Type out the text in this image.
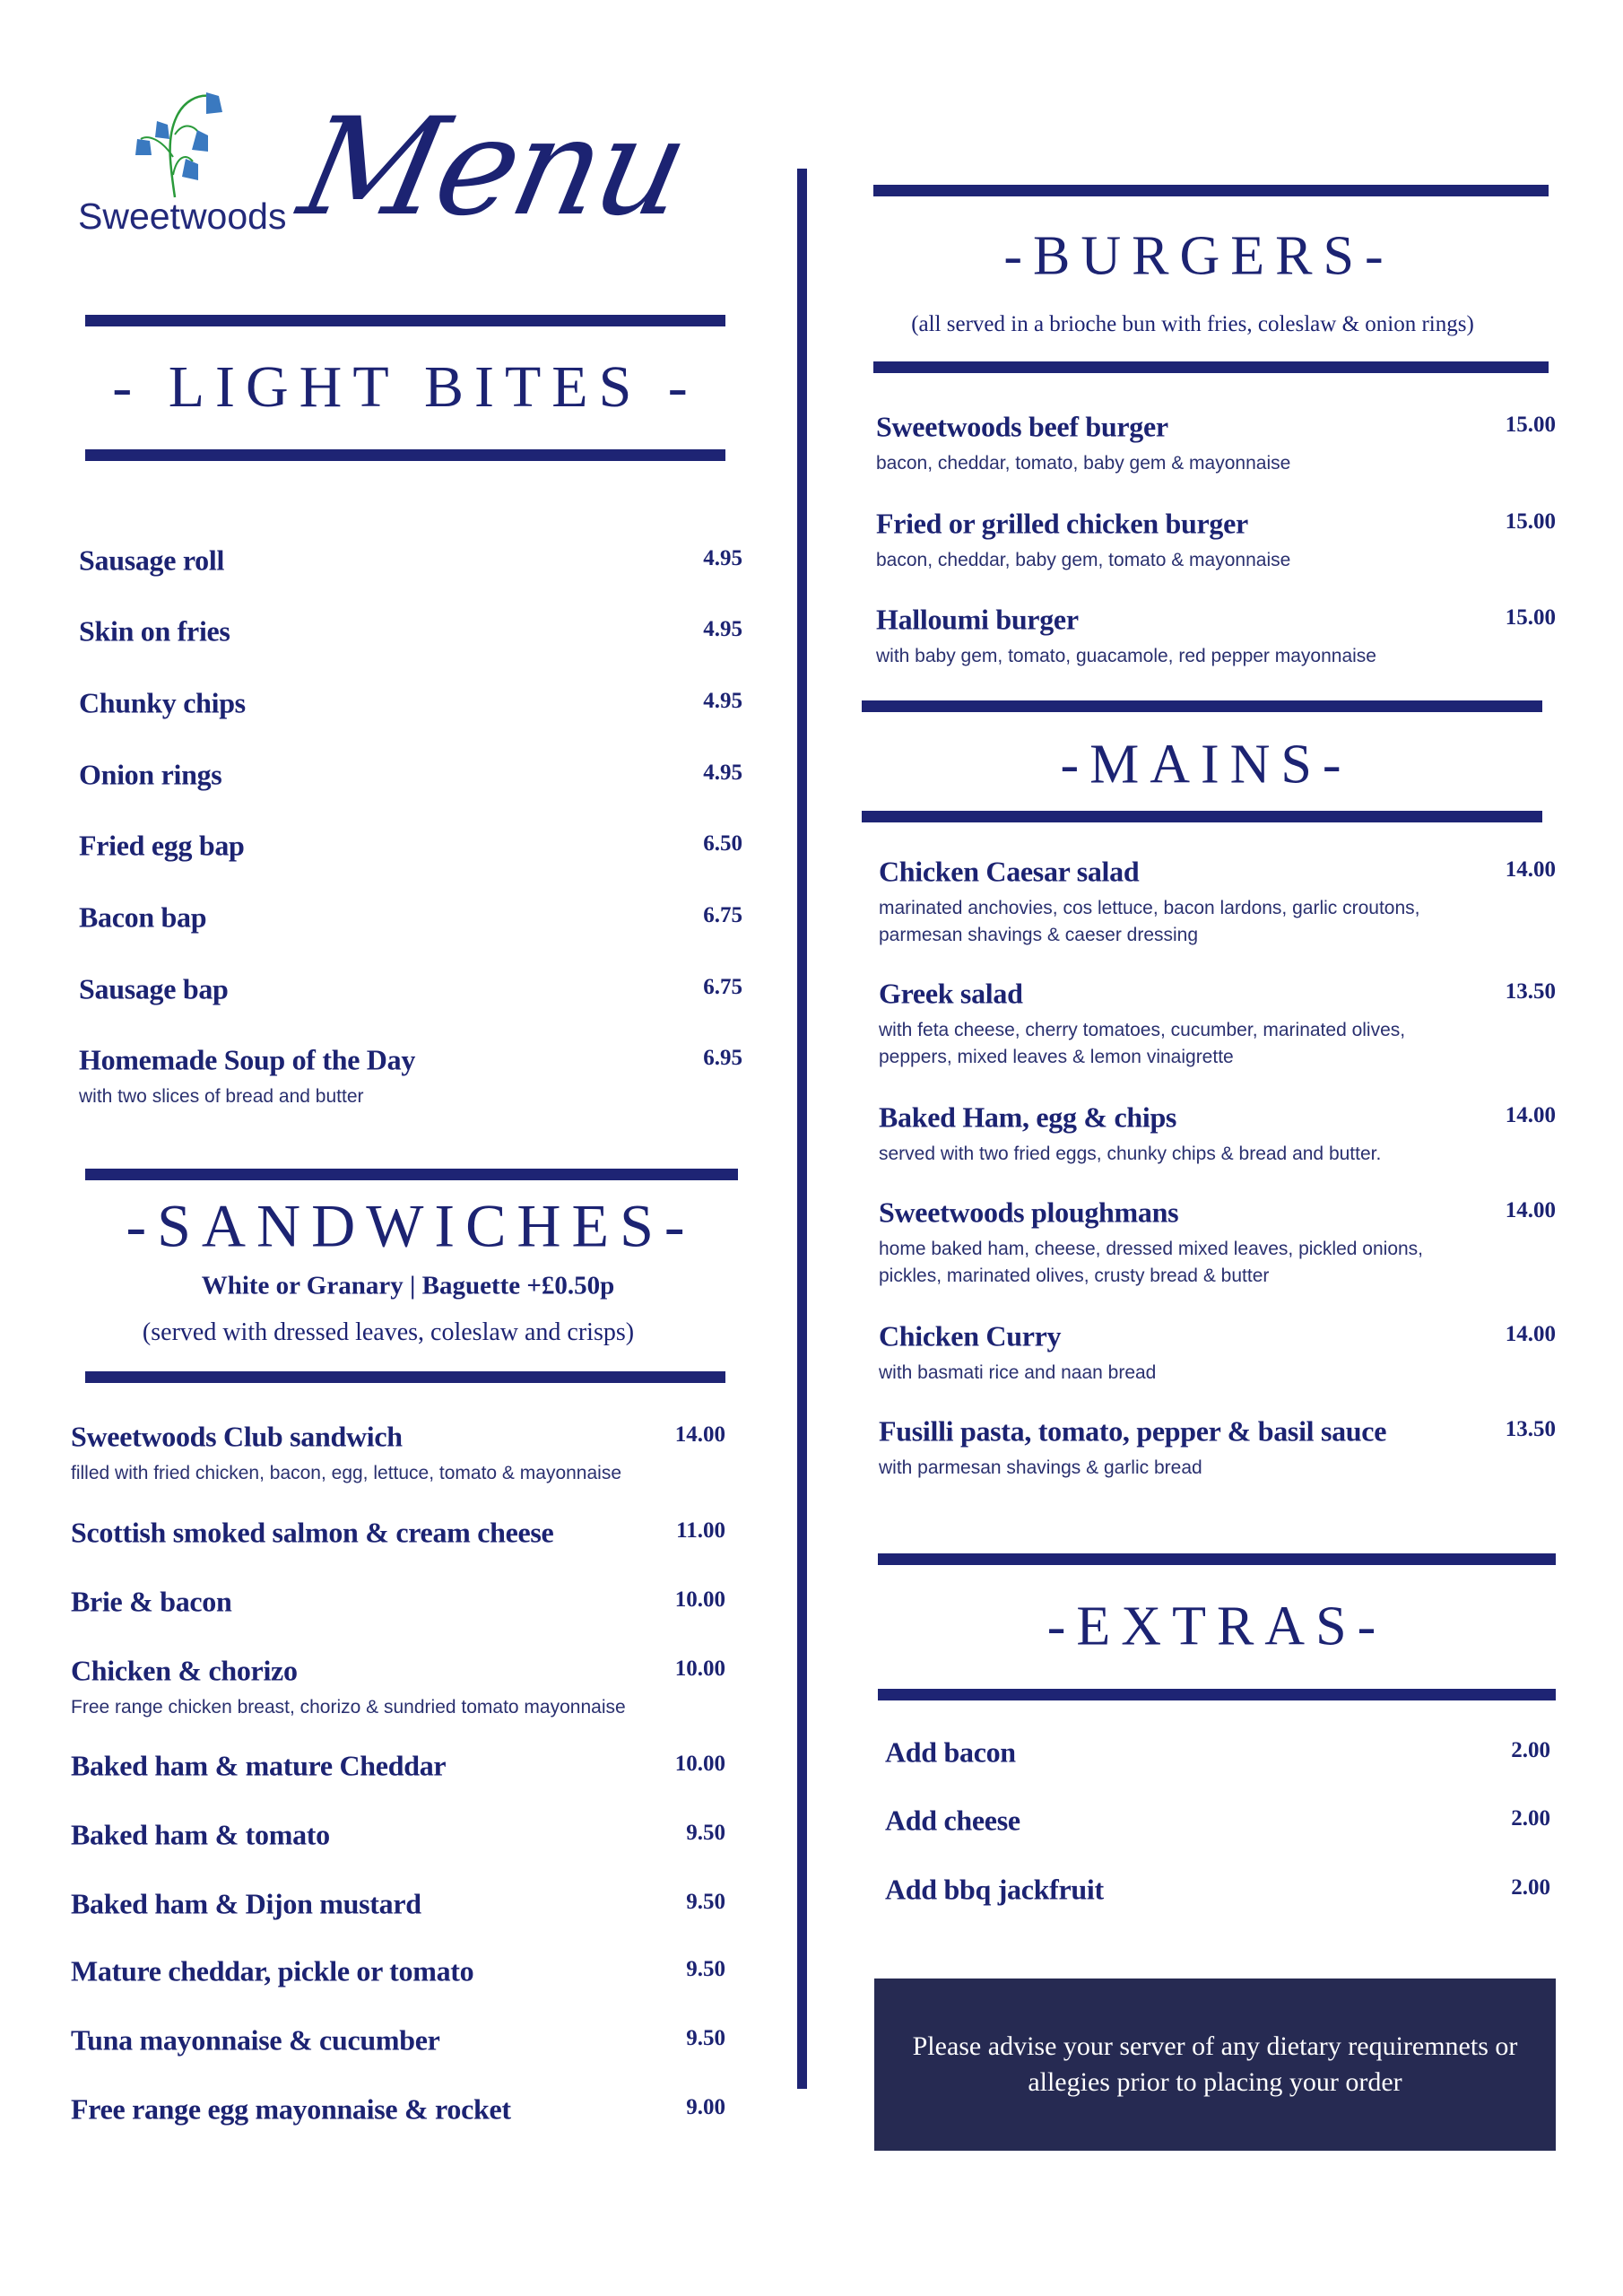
Sweetwoods Menu
- LIGHT BITES -
Sausage roll	4.95
Skin on fries	4.95
Chunky chips	4.95
Onion rings	4.95
Fried egg bap	6.50
Bacon bap	6.75
Sausage bap	6.75
Homemade Soup of the Day	6.95
with two slices of bread and butter
-SANDWICHES-
White or Granary | Baguette +£0.50p
(served with dressed leaves, coleslaw and crisps)
Sweetwoods Club sandwich	14.00
filled with fried chicken, bacon, egg, lettuce, tomato & mayonnaise
Scottish smoked salmon & cream cheese	11.00
Brie & bacon	10.00
Chicken & chorizo	10.00
Free range chicken breast, chorizo & sundried tomato mayonnaise
Baked ham & mature Cheddar	10.00
Baked ham & tomato	9.50
Baked ham & Dijon mustard	9.50
Mature cheddar, pickle or tomato	9.50
Tuna mayonnaise & cucumber	9.50
Free range egg mayonnaise & rocket	9.00
-BURGERS-
(all served in a brioche bun with fries, coleslaw & onion rings)
Sweetwoods beef burger	15.00
bacon, cheddar, tomato, baby gem & mayonnaise
Fried or grilled chicken burger	15.00
bacon, cheddar, baby gem, tomato & mayonnaise
Halloumi burger	15.00
with baby gem, tomato, guacamole, red pepper mayonnaise
-MAINS-
Chicken Caesar salad	14.00
marinated anchovies, cos lettuce, bacon lardons, garlic croutons,
parmesan shavings & caeser dressing
Greek salad	13.50
with feta cheese, cherry tomatoes, cucumber, marinated olives,
peppers, mixed leaves & lemon vinaigrette
Baked Ham, egg & chips	14.00
served with two fried eggs, chunky chips & bread and butter.
Sweetwoods ploughmans	14.00
home baked ham, cheese, dressed mixed leaves, pickled onions,
pickles, marinated olives, crusty bread & butter
Chicken Curry	14.00
with basmati rice and naan bread
Fusilli pasta, tomato, pepper & basil sauce	13.50
with parmesan shavings & garlic bread
-EXTRAS-
Add bacon	2.00
Add cheese	2.00
Add bbq jackfruit	2.00
Please advise your server of any dietary requiremnets or allegies prior to placing your order
